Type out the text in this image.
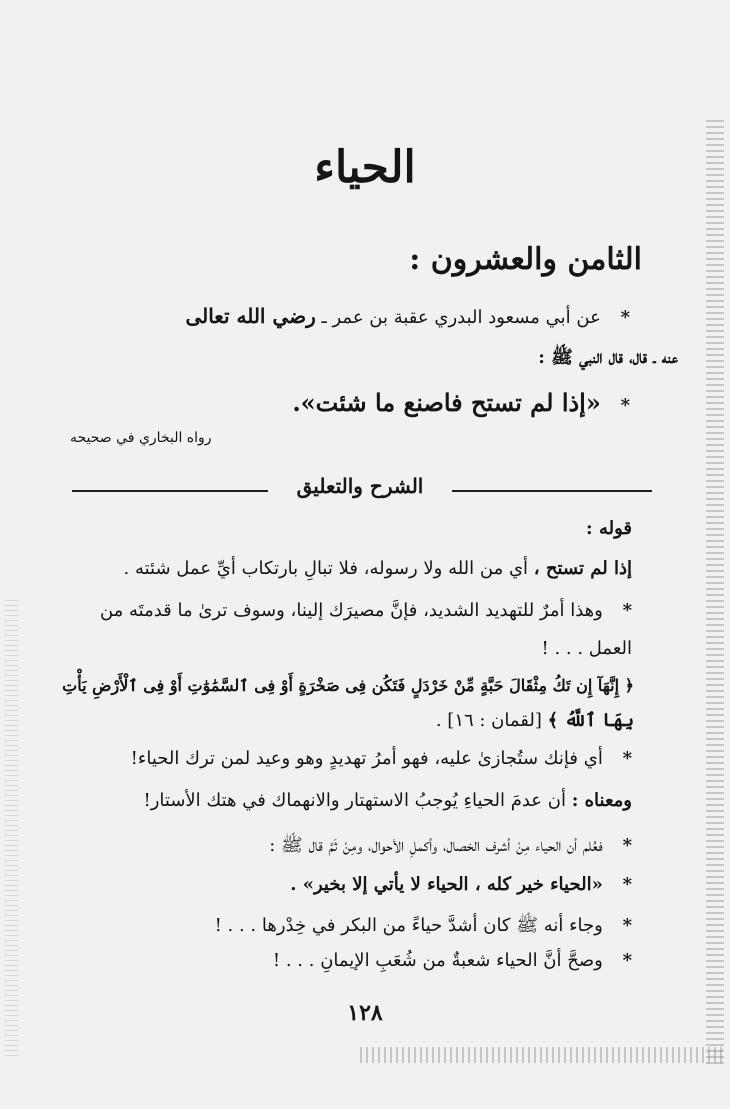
الحياء
الثامن والعشرون :
* عن أبي مسعود البدري عقبة بن عمر ـ رضي الله تعالى
عنه ـ قال، قال النبي ﷺ :
* «إذا لم تستح فاصنع ما شئت».
رواه البخاري في صحيحه
الشرح والتعليق
قوله :
إذا لم تستح ، أي من الله ولا رسوله، فلا تبالِ بارتكاب أيِّ عمل شئته .
* وهذا أمرٌ للتهديد الشديد، فإنَّ مصيرَك إلينا، وسوف ترىٰ ما قدمتَه من
العمل . . . !
﴿ إِنَّهَآ إِن تَكُ مِثْقَالَ حَبَّةٍ مِّنْ خَرْدَلٍ فَتَكُن فِى صَخْرَةٍ أَوْ فِى ٱلسَّمَٰوَٰتِ أَوْ فِى ٱلْأَرْضِ يَأْتِ
بِهَا ٱللَّهُ ﴾ [لقمان : ١٦] .
* أي فإنك ستُجازىٰ عليه، فهو أمرُ تهديدٍ وهو وعيد لمن ترك الحياء!
ومعناه : أن عدمَ الحياءِ يُوجبُ الاستهتار والانهماك في هتك الأستار!
* فعُلم أن الحياء مِنْ أشرف الخصال، وأكملِ الأحوال، ومِنْ ثَمَّ قال ﷺ :
* «الحياء خير كله ، الحياء لا يأتي إلا بخير» .
* وجاء أنه ﷺ كان أشدَّ حياءً من البكر في خِدْرها . . . !
* وصحَّ أنَّ الحياء شعبةٌ من شُعَبِ الإيمانِ . . . !
١٢٨
